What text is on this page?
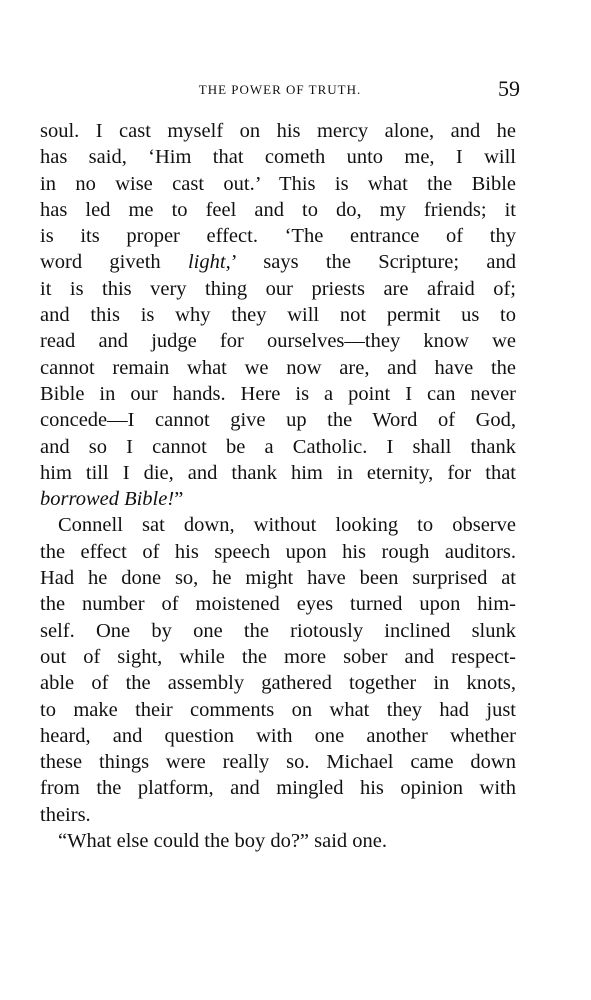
THE POWER OF TRUTH.	59
soul. I cast myself on his mercy alone, and he
has said, ‘Him that cometh unto me, I will
in no wise cast out.’ This is what the Bible
has led me to feel and to do, my friends; it
is its proper effect. ‘The entrance of thy
word giveth light,’ says the Scripture; and
it is this very thing our priests are afraid of;
and this is why they will not permit us to
read and judge for ourselves—they know we
cannot remain what we now are, and have the
Bible in our hands. Here is a point I can never
concede—I cannot give up the Word of God,
and so I cannot be a Catholic. I shall thank
him till I die, and thank him in eternity, for that
borrowed Bible!”
Connell sat down, without looking to observe
the effect of his speech upon his rough auditors.
Had he done so, he might have been surprised at
the number of moistened eyes turned upon him-
self. One by one the riotously inclined slunk
out of sight, while the more sober and respect-
able of the assembly gathered together in knots,
to make their comments on what they had just
heard, and question with one another whether
these things were really so. Michael came down
from the platform, and mingled his opinion with
theirs.
“What else could the boy do?” said one.
